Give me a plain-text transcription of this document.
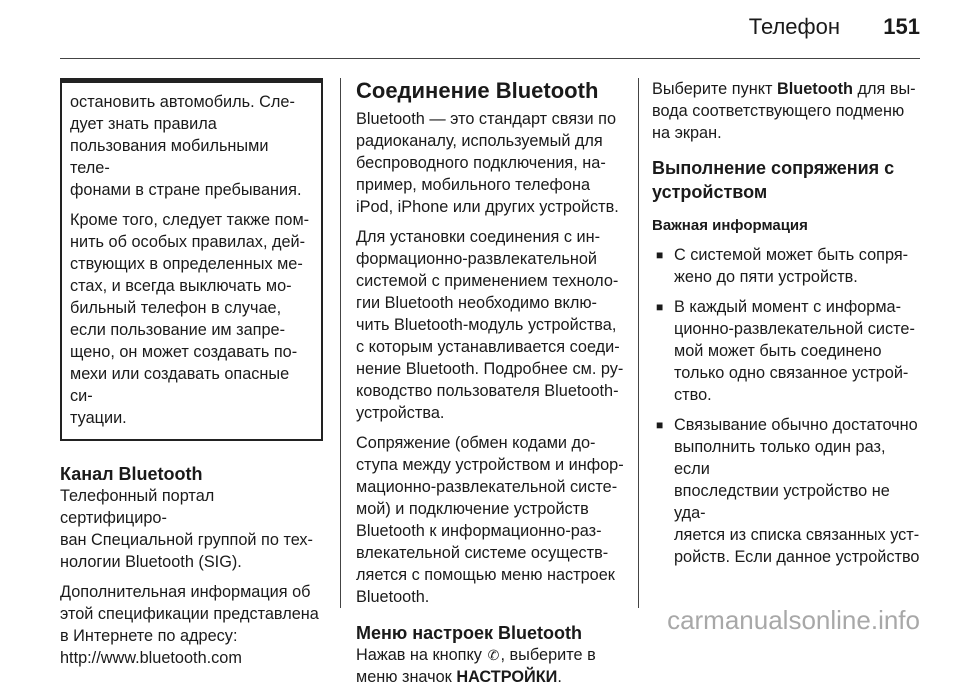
Телефон 151

остановить автомобиль. Сле-
дует знать правила
пользования мобильными теле-
фонами в стране пребывания.

Кроме того, следует также пом-
нить об особых правилах, дей-
ствующих в определенных ме-
стах, и всегда выключать мо-
бильный телефон в случае,
если пользование им запре-
щено, он может создавать по-
мехи или создавать опасные си-
туации.

Канал Bluetooth

Телефонный портал сертифициро-
ван Специальной группой по тех-
нологии Bluetooth (SIG).

Дополнительная информация об
этой спецификации представлена
в Интернете по адресу:
http://www.bluetooth.com

Соединение Bluetooth

Bluetooth — это стандарт связи по
радиоканалу, используемый для
беспроводного подключения, на-
пример, мобильного телефона
iPod, iPhone или других устройств.

Для установки соединения с ин-
формационно-развлекательной
системой с применением техноло-
гии Bluetooth необходимо вклю-
чить Bluetooth-модуль устройства,
с которым устанавливается соеди-
нение Bluetooth. Подробнее см. ру-
ководство пользователя Bluetooth-
устройства.

Сопряжение (обмен кодами до-
ступа между устройством и инфор-
мационно-развлекательной систе-
мой) и подключение устройств
Bluetooth к информационно-раз-
влекательной системе осуществ-
ляется с помощью меню настроек
Bluetooth.

Меню настроек Bluetooth

Нажав на кнопку ✆, выберите в
меню значок НАСТРОЙКИ.

Выберите пункт Bluetooth для вы-
вода соответствующего подменю
на экран.

Выполнение сопряжения с
устройством

Важная информация

■ С системой может быть сопря-
жено до пяти устройств.
■ В каждый момент с информа-
ционно-развлекательной систе-
мой может быть соединено
только одно связанное устрой-
ство.
■ Связывание обычно достаточно
выполнить только один раз, если
впоследствии устройство не уда-
ляется из списка связанных уст-
ройств. Если данное устройство
carmanualsonline.info
